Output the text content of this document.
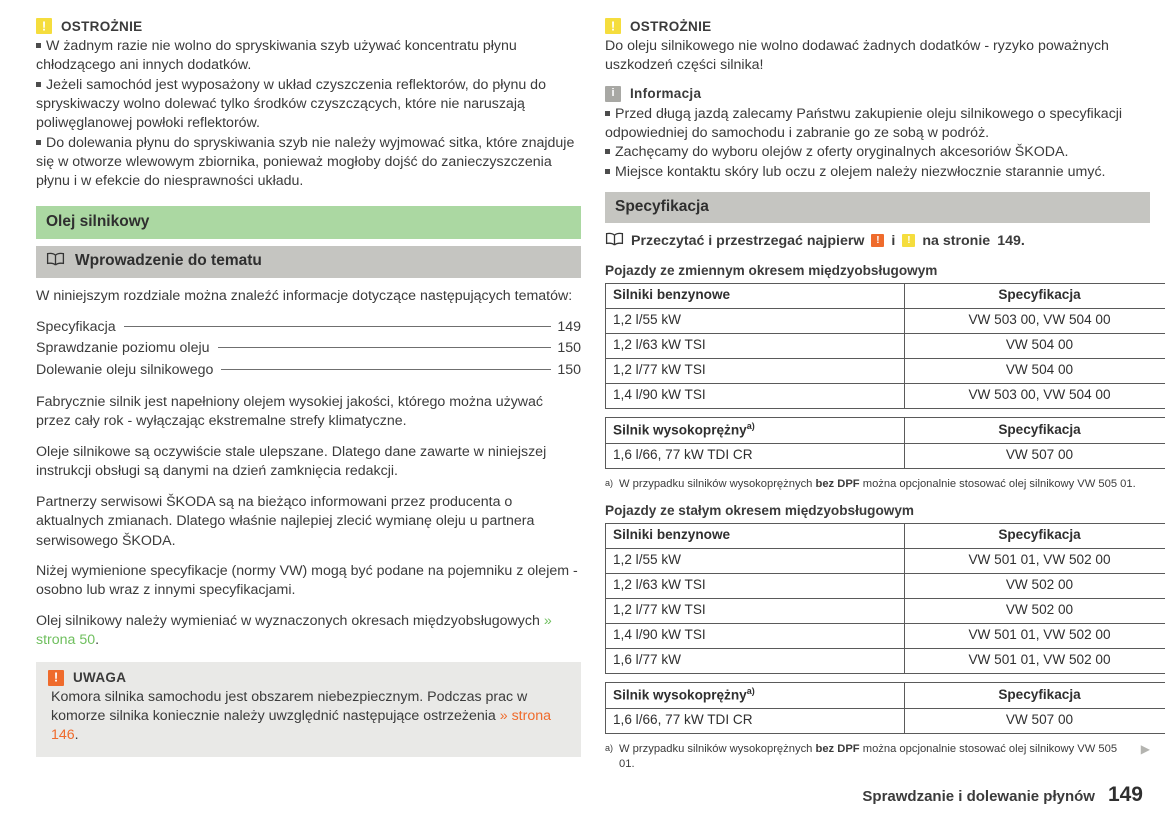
! OSTROŻNIE

W żadnym razie nie wolno do spryskiwania szyb używać koncentratu płynu chłodzącego ani innych dodatków.

Jeżeli samochód jest wyposażony w układ czyszczenia reflektorów, do płynu do spryskiwaczy wolno dolewać tylko środków czyszczących, które nie naruszają poliwęglanowej powłoki reflektorów.

Do dolewania płynu do spryskiwania szyb nie należy wyjmować sitka, które znajduje się w otworze wlewowym zbiornika, ponieważ mogłoby dojść do zanieczyszczenia płynu i w efekcie do niesprawności układu.

Olej silnikowy
Wprowadzenie do tematu

W niniejszym rozdziale można znaleźć informacje dotyczące następujących tematów:

Specyfikacja	149
Sprawdzanie poziomu oleju	150
Dolewanie oleju silnikowego	150

Fabrycznie silnik jest napełniony olejem wysokiej jakości, którego można używać przez cały rok - wyłączając ekstremalne strefy klimatyczne.

Oleje silnikowe są oczywiście stale ulepszane. Dlatego dane zawarte w niniejszej instrukcji obsługi są danymi na dzień zamknięcia redakcji.

Partnerzy serwisowi ŠKODA są na bieżąco informowani przez producenta o aktualnych zmianach. Dlatego właśnie najlepiej zlecić wymianę oleju u partnera serwisowego ŠKODA.

Niżej wymienione specyfikacje (normy VW) mogą być podane na pojemniku z olejem - osobno lub wraz z innymi specyfikacjami.

Olej silnikowy należy wymieniać w wyznaczonych okresach międzyobsługowych » strona 50.

! UWAGA

Komora silnika samochodu jest obszarem niebezpiecznym. Podczas prac w komorze silnika koniecznie należy uwzględnić następujące ostrzeżenia » strona 146.

! OSTROŻNIE

Do oleju silnikowego nie wolno dodawać żadnych dodatków - ryzyko poważnych uszkodzeń części silnika!

i Informacja

Przed długą jazdą zalecamy Państwu zakupienie oleju silnikowego o specyfikacji odpowiedniej do samochodu i zabranie go ze sobą w podróż.

Zachęcamy do wyboru olejów z oferty oryginalnych akcesoriów ŠKODA.

Miejsce kontaktu skóry lub oczu z olejem należy niezwłocznie starannie umyć.

Specyfikacja
Przeczytać i przestrzegać najpierw	! i	! na stronie 149.
Pojazdy ze zmiennym okresem międzyobsługowym
Silniki benzynowe	Specyfikacja
1,2 l/55 kW	VW 503 00, VW 504 00
1,2 l/63 kW TSI	VW 504 00
1,2 l/77 kW TSI	VW 504 00
1,4 l/90 kW TSI	VW 503 00, VW 504 00
Silnik wysokoprężny$^{a)}$	Specyfikacja
1,6 l/66, 77 kW TDI CR	VW 507 00
a) W przypadku silników wysokoprężnych bez DPF można opcjonalnie stosować olej silnikowy VW 505 01.
Pojazdy ze stałym okresem międzyobsługowym
Silniki benzynowe	Specyfikacja
1,2 l/55 kW	VW 501 01, VW 502 00
1,2 l/63 kW TSI	VW 502 00
1,2 l/77 kW TSI	VW 502 00
1,4 l/90 kW TSI	VW 501 01, VW 502 00
1,6 l/77 kW	VW 501 01, VW 502 00
Silnik wysokoprężny$^{a)}$	Specyfikacja
1,6 l/66, 77 kW TDI CR	VW 507 00
a) W przypadku silników wysokoprężnych bez DPF można opcjonalnie stosować olej silnikowy VW 505 01.
▶
Sprawdzanie i dolewanie płynów 149
